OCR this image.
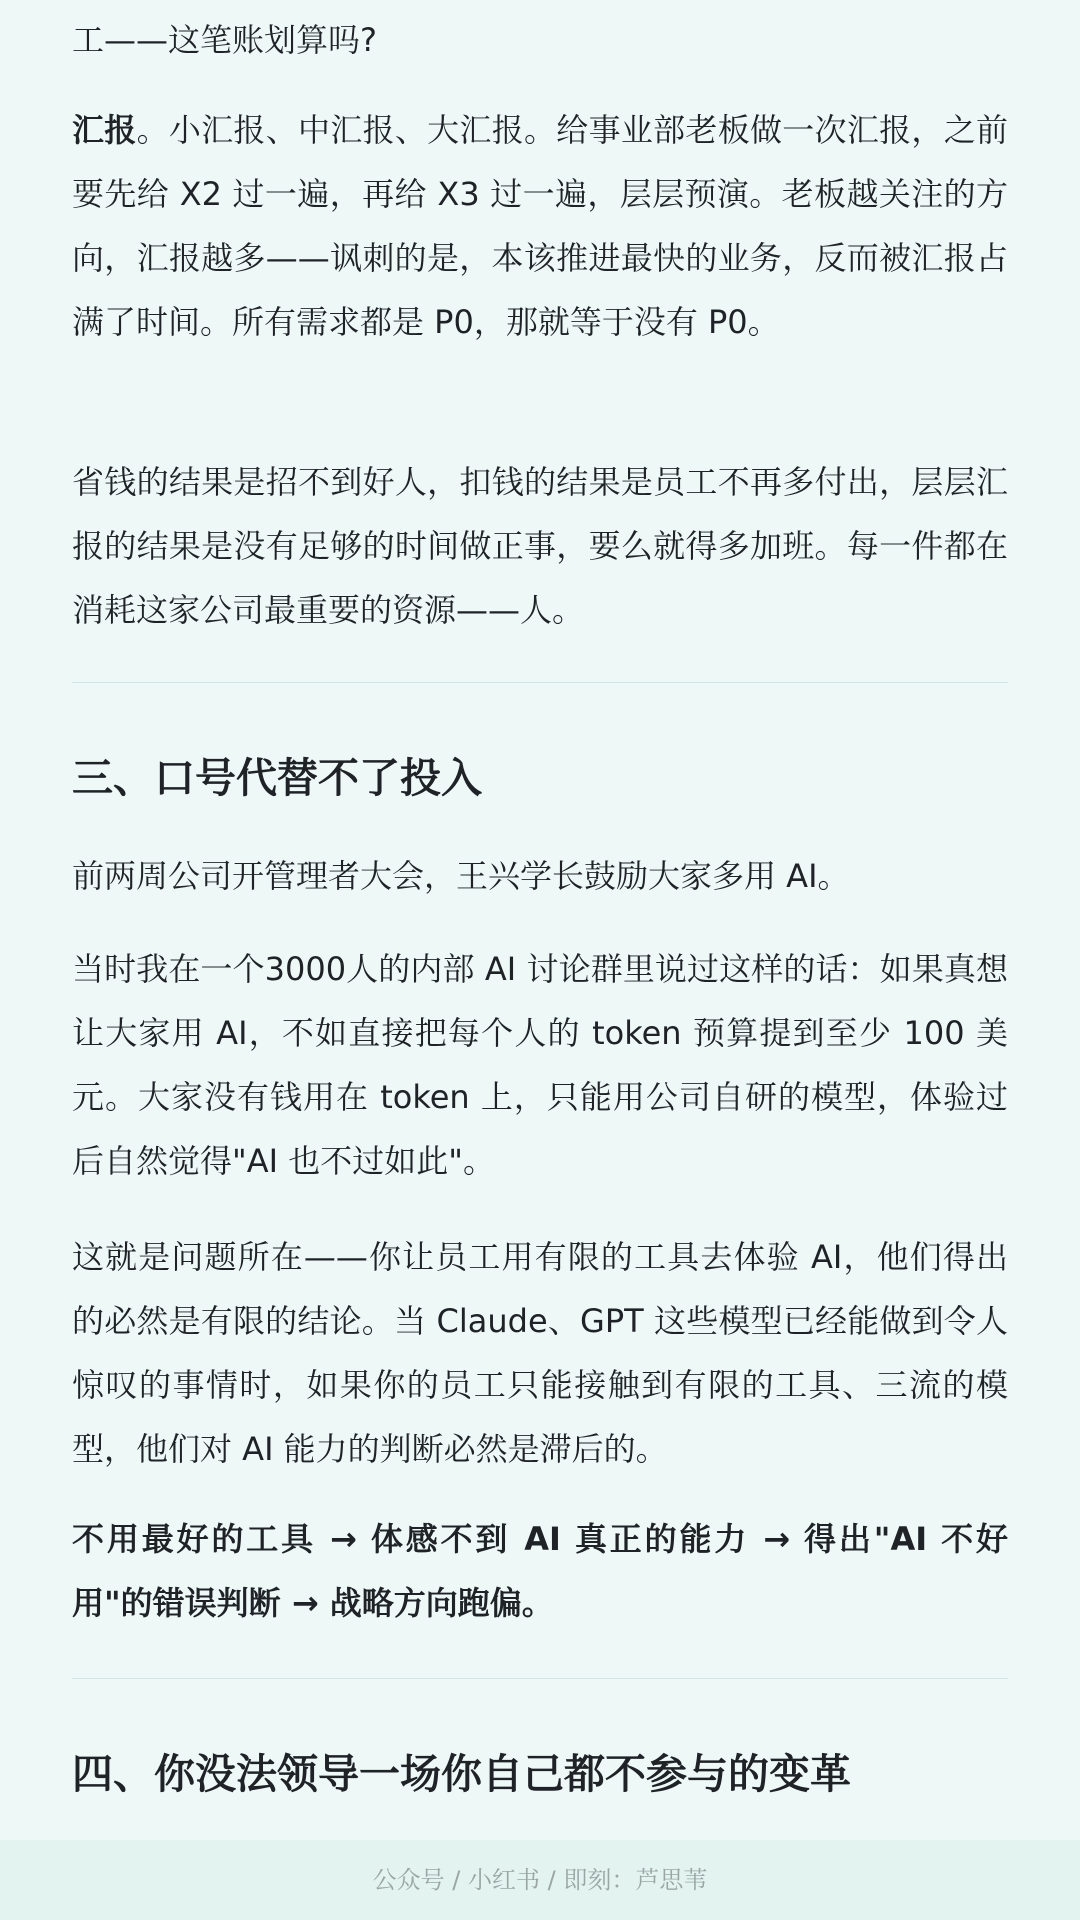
工——这笔账划算吗?

汇报。小汇报、中汇报、大汇报。给事业部老板做一次汇报，之前要先给 X2 过一遍，再给 X3 过一遍，层层预演。老板越关注的方向，汇报越多——讽刺的是，本该推进最快的业务，反而被汇报占满了时间。所有需求都是 P0，那就等于没有 P0。

省钱的结果是招不到好人，扣钱的结果是员工不再多付出，层层汇报的结果是没有足够的时间做正事，要么就得多加班。每一件都在消耗这家公司最重要的资源——人。

三、口号代替不了投入

前两周公司开管理者大会，王兴学长鼓励大家多用 AI。

当时我在一个3000人的内部 AI 讨论群里说过这样的话：如果真想让大家用 AI，不如直接把每个人的 token 预算提到至少 100 美元。大家没有钱用在 token 上，只能用公司自研的模型，体验过后自然觉得"AI 也不过如此"。

这就是问题所在——你让员工用有限的工具去体验 AI，他们得出的必然是有限的结论。当 Claude、GPT 这些模型已经能做到令人惊叹的事情时，如果你的员工只能接触到有限的工具、三流的模型，他们对 AI 能力的判断必然是滞后的。

不用最好的工具 → 体感不到 AI 真正的能力 → 得出"AI 不好用"的错误判断 → 战略方向跑偏。

四、你没法领导一场你自己都不参与的变革
公众号 / 小红书 / 即刻：芦思苇
